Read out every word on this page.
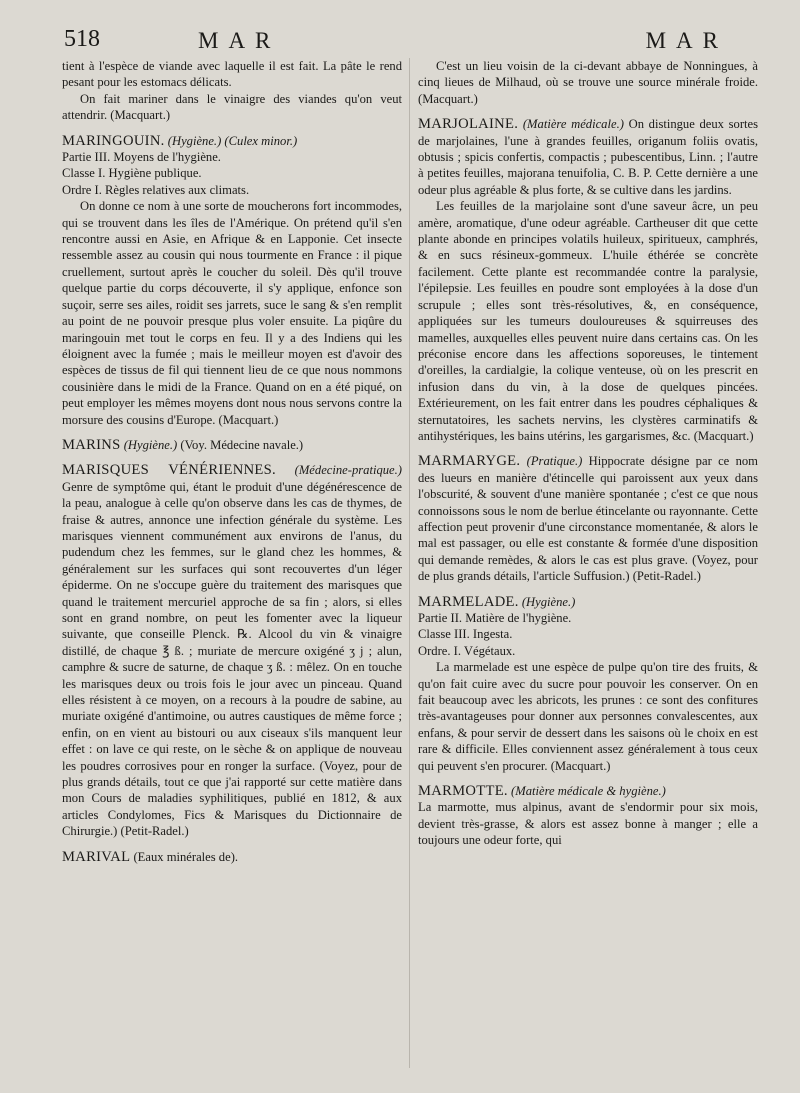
518	MAR	MAR

tient à l'espèce de viande avec laquelle il est fait. La pâte le rend pesant pour les estomacs délicats.

On fait mariner dans le vinaigre des viandes qu'on veut attendrir. (Macquart.)

MARINGOUIN. (Hygiène.) (Culex minor.)

Partie III. Moyens de l'hygiène.

Classe I. Hygiène publique.

Ordre I. Règles relatives aux climats.

On donne ce nom à une sorte de moucherons fort incommodes, qui se trouvent dans les îles de l'Amérique. On prétend qu'il s'en rencontre aussi en Asie, en Afrique & en Lapponie. Cet insecte ressemble assez au cousin qui nous tourmente en France : il pique cruellement, surtout après le coucher du soleil. Dès qu'il trouve quelque partie du corps découverte, il s'y applique, enfonce son suçoir, serre ses ailes, roidit ses jarrets, suce le sang & s'en remplit au point de ne pouvoir presque plus voler ensuite. La piqûre du maringouin met tout le corps en feu. Il y a des Indiens qui les éloignent avec la fumée ; mais le meilleur moyen est d'avoir des espèces de tissus de fil qui tiennent lieu de ce que nous nommons cousinière dans le midi de la France. Quand on en a été piqué, on peut employer les mêmes moyens dont nous nous servons contre la morsure des cousins d'Europe. (Macquart.)

MARINS (Hygiène.) (Voy. Médecine navale.)

MARISQUES VÉNÉRIENNES. (Médecine-pratique.) Genre de symptôme qui, étant le produit d'une dégénérescence de la peau, analogue à celle qu'on observe dans les cas de thymes, de fraise & autres, annonce une infection générale du système. Les marisques viennent communément aux environs de l'anus, du pudendum chez les femmes, sur le gland chez les hommes, & généralement sur les surfaces qui sont recouvertes d'un léger épiderme. On ne s'occupe guère du traitement des marisques que quand le traitement mercuriel approche de sa fin ; alors, si elles sont en grand nombre, on peut les fomenter avec la liqueur suivante, que conseille Plenck. ℞. Alcool du vin & vinaigre distillé, de chaque ℥ ß. ; muriate de mercure oxigéné ʒ j ; alun, camphre & sucre de saturne, de chaque ʒ ß. : mêlez. On en touche les marisques deux ou trois fois le jour avec un pinceau. Quand elles résistent à ce moyen, on a recours à la poudre de sabine, au muriate oxigéné d'antimoine, ou autres caustiques de même force ; enfin, on en vient au bistouri ou aux ciseaux s'ils manquent leur effet : on lave ce qui reste, on le sèche & on applique de nouveau les poudres corrosives pour en ronger la surface. (Voyez, pour de plus grands détails, tout ce que j'ai rapporté sur cette matière dans mon Cours de maladies syphilitiques, publié en 1812, & aux articles Condylomes, Fics & Marisques du Dictionnaire de Chirurgie.) (Petit-Radel.)

MARIVAL (Eaux minérales de).

C'est un lieu voisin de la ci-devant abbaye de Nonningues, à cinq lieues de Milhaud, où se trouve une source minérale froide. (Macquart.)

MARJOLAINE. (Matière médicale.) On distingue deux sortes de marjolaines, l'une à grandes feuilles, origanum foliis ovatis, obtusis ; spicis confertis, compactis ; pubescentibus, Linn. ; l'autre à petites feuilles, majorana tenuifolia, C. B. P. Cette dernière a une odeur plus agréable & plus forte, & se cultive dans les jardins.

Les feuilles de la marjolaine sont d'une saveur âcre, un peu amère, aromatique, d'une odeur agréable. Cartheuser dit que cette plante abonde en principes volatils huileux, spiritueux, camphrés, & en sucs résineux-gommeux. L'huile éthérée se concrète facilement. Cette plante est recommandée contre la paralysie, l'épilepsie. Les feuilles en poudre sont employées à la dose d'un scrupule ; elles sont très-résolutives, &, en conséquence, appliquées sur les tumeurs douloureuses & squirreuses des mamelles, auxquelles elles peuvent nuire dans certains cas. On les préconise encore dans les affections soporeuses, le tintement d'oreilles, la cardialgie, la colique venteuse, où on les prescrit en infusion dans du vin, à la dose de quelques pincées. Extérieurement, on les fait entrer dans les poudres céphaliques & sternutatoires, les sachets nervins, les clystères carminatifs & antihystériques, les bains utérins, les gargarismes, &c. (Macquart.)

MARMARYGE. (Pratique.) Hippocrate désigne par ce nom des lueurs en manière d'étincelle qui paroissent aux yeux dans l'obscurité, & souvent d'une manière spontanée ; c'est ce que nous connoissons sous le nom de berlue étincelante ou rayonnante. Cette affection peut provenir d'une circonstance momentanée, & alors le mal est passager, ou elle est constante & formée d'une disposition qui demande remèdes, & alors le cas est plus grave. (Voyez, pour de plus grands détails, l'article Suffusion.) (Petit-Radel.)

MARMELADE. (Hygiène.)

Partie II. Matière de l'hygiène.

Classe III. Ingesta.

Ordre. I. Végétaux.

La marmelade est une espèce de pulpe qu'on tire des fruits, & qu'on fait cuire avec du sucre pour pouvoir les conserver. On en fait beaucoup avec les abricots, les prunes : ce sont des confitures très-avantageuses pour donner aux personnes convalescentes, aux enfans, & pour servir de dessert dans les saisons où le choix en est rare & difficile. Elles conviennent assez généralement à tous ceux qui peuvent s'en procurer. (Macquart.)

MARMOTTE. (Matière médicale & hygiène.)

La marmotte, mus alpinus, avant de s'endormir pour six mois, devient très-grasse, & alors est assez bonne à manger ; elle a toujours une odeur forte, qui
